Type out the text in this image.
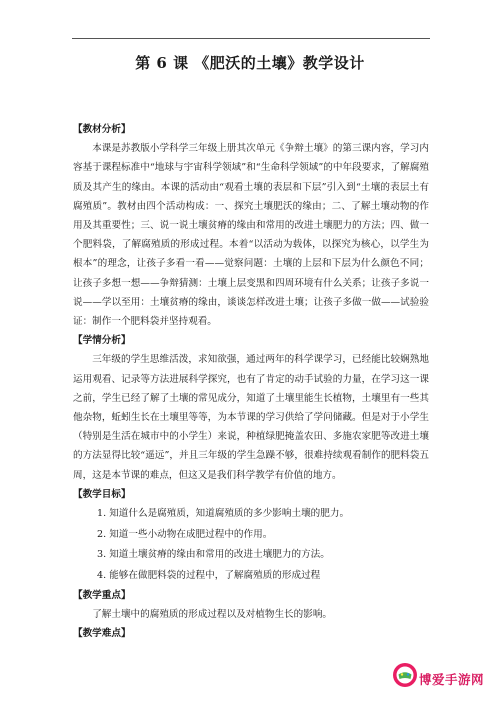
第 6 课 《肥沃的土壤》教学设计

【教材分析】

本课是苏教版小学科学三年级上册其次单元《争辩土壤》的第三课内容，学习内容基于课程标准中“地球与宇宙科学领域”和“生命科学领域”的中年段要求，了解腐殖质及其产生的缘由。本课的活动由“观看土壤的表层和下层”引入到“土壤的表层土有腐殖质”。教材由四个活动构成：一、探究土壤肥沃的缘由；二、了解土壤动物的作用及其重要性；三、说一说土壤贫瘠的缘由和常用的改进土壤肥力的方法；四、做一个肥料袋，了解腐殖质的形成过程。本着“以活动为载体，以探究为核心，以学生为根本”的理念，让孩子多看一看——觉察问题：土壤的上层和下层为什么颜色不同；让孩子多想一想——争辩猜测：土壤上层变黑和四周环境有什么关系；让孩子多说一说——学以至用：土壤贫瘠的缘由，谈谈怎样改进土壤；让孩子多做一做——试验验证：制作一个肥料袋并坚持观看。

【学情分析】

三年级的学生思维活泼，求知欲强，通过两年的科学课学习，已经能比较娴熟地运用观看、记录等方法进展科学探究，也有了肯定的动手试验的力量，在学习这一课之前，学生已经了解了土壤的常见成分，知道了土壤里能生长植物，土壤里有一些其他杂物，蚯蚓生长在土壤里等等，为本节课的学习供给了学问储藏。但是对于小学生（特别是生活在城市中的小学生）来说，种植绿肥掩盖农田、多施农家肥等改进土壤的方法显得比较“遥远”，并且三年级的学生急躁不够，很难持续观看制作的肥料袋五周，这是本节课的难点，但这又是我们科学教学有价值的地方。

【教学目标】

1. 知道什么是腐殖质，知道腐殖质的多少影响土壤的肥力。

2. 知道一些小动物在成肥过程中的作用。

3. 知道土壤贫瘠的缘由和常用的改进土壤肥力的方法。

4. 能够在做肥料袋的过程中，了解腐殖质的形成过程

【教学重点】

了解土壤中的腐殖质的形成过程以及对植物生长的影响。

【教学难点】

博爱手游网
